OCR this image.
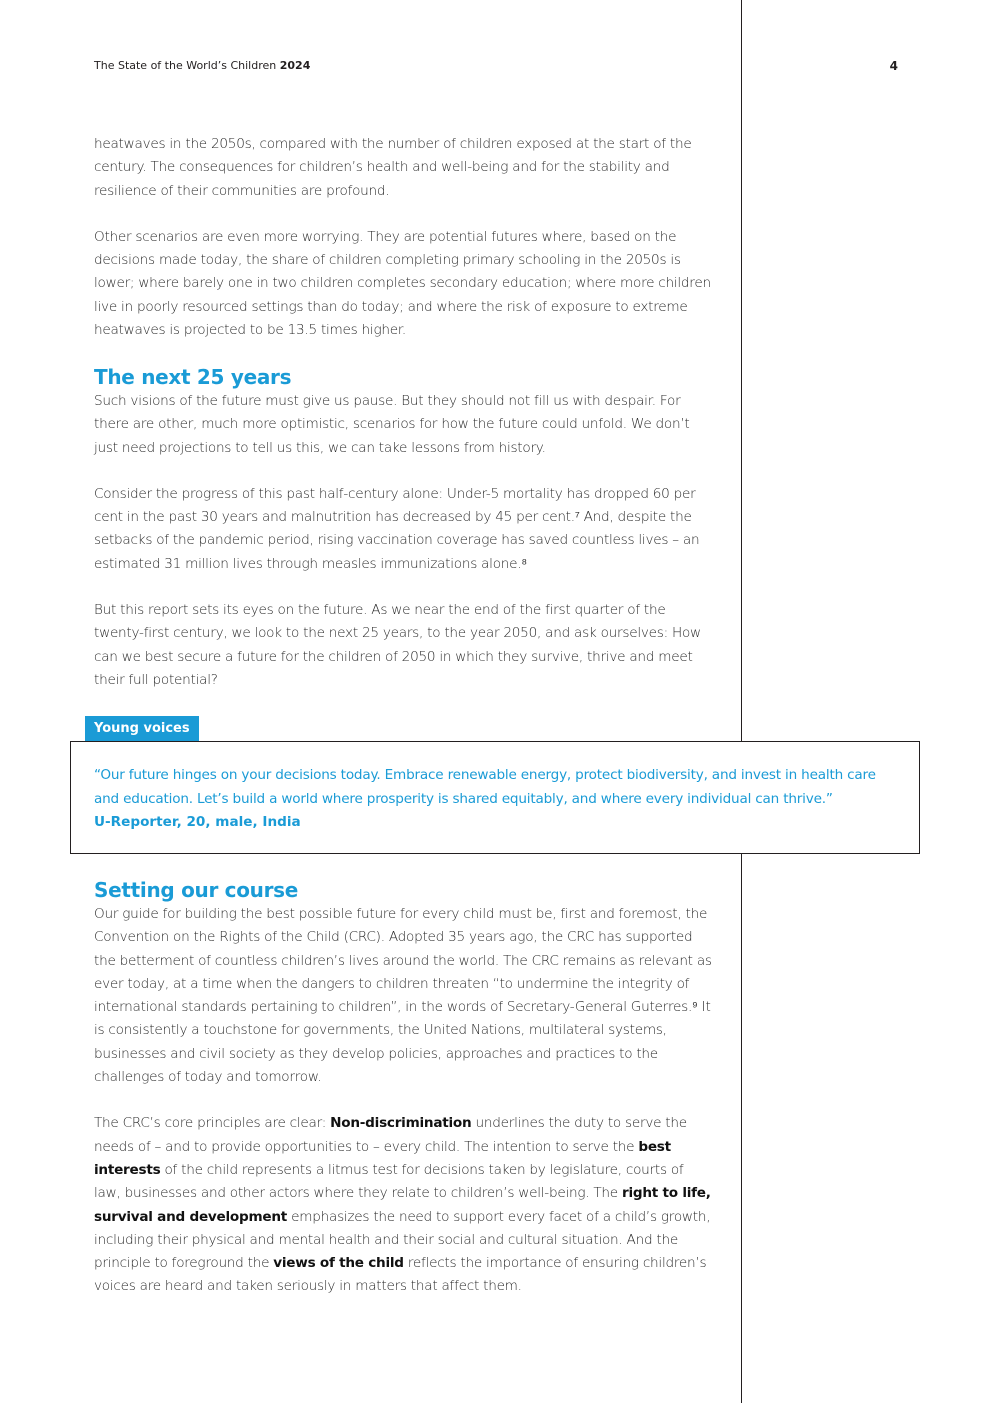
The State of the World’s Children 2024	4

heatwaves in the 2050s, compared with the number of children exposed at the start of the century. The consequences for children’s health and well-being and for the stability and resilience of their communities are profound.

Other scenarios are even more worrying. They are potential futures where, based on the decisions made today, the share of children completing primary schooling in the 2050s is lower; where barely one in two children completes secondary education; where more children live in poorly resourced settings than do today; and where the risk of exposure to extreme heatwaves is projected to be 13.5 times higher.

The next 25 years

Such visions of the future must give us pause. But they should not fill us with despair. For there are other, much more optimistic, scenarios for how the future could unfold. We don’t just need projections to tell us this, we can take lessons from history.

Consider the progress of this past half-century alone: Under-5 mortality has dropped 60 per cent in the past 30 years and malnutrition has decreased by 45 per cent.⁷ And, despite the setbacks of the pandemic period, rising vaccination coverage has saved countless lives – an estimated 31 million lives through measles immunizations alone.⁸

But this report sets its eyes on the future. As we near the end of the first quarter of the twenty-first century, we look to the next 25 years, to the year 2050, and ask ourselves: How can we best secure a future for the children of 2050 in which they survive, thrive and meet their full potential?

“Our future hinges on your decisions today. Embrace renewable energy, protect biodiversity, and invest in health care and education. Let’s build a world where prosperity is shared equitably, and where every individual can thrive.”
U-Reporter, 20, male, India
Young voices
Setting our course

Our guide for building the best possible future for every child must be, first and foremost, the Convention on the Rights of the Child (CRC). Adopted 35 years ago, the CRC has supported the betterment of countless children’s lives around the world. The CRC remains as relevant as ever today, at a time when the dangers to children threaten “to undermine the integrity of international standards pertaining to children”, in the words of Secretary-General Guterres.⁹ It is consistently a touchstone for governments, the United Nations, multilateral systems, businesses and civil society as they develop policies, approaches and practices to the challenges of today and tomorrow.

The CRC’s core principles are clear: Non-discrimination underlines the duty to serve the needs of – and to provide opportunities to – every child. The intention to serve the best interests of the child represents a litmus test for decisions taken by legislature, courts of law, businesses and other actors where they relate to children’s well-being. The right to life, survival and development emphasizes the need to support every facet of a child’s growth, including their physical and mental health and their social and cultural situation. And the principle to foreground the views of the child reflects the importance of ensuring children’s voices are heard and taken seriously in matters that affect them.
